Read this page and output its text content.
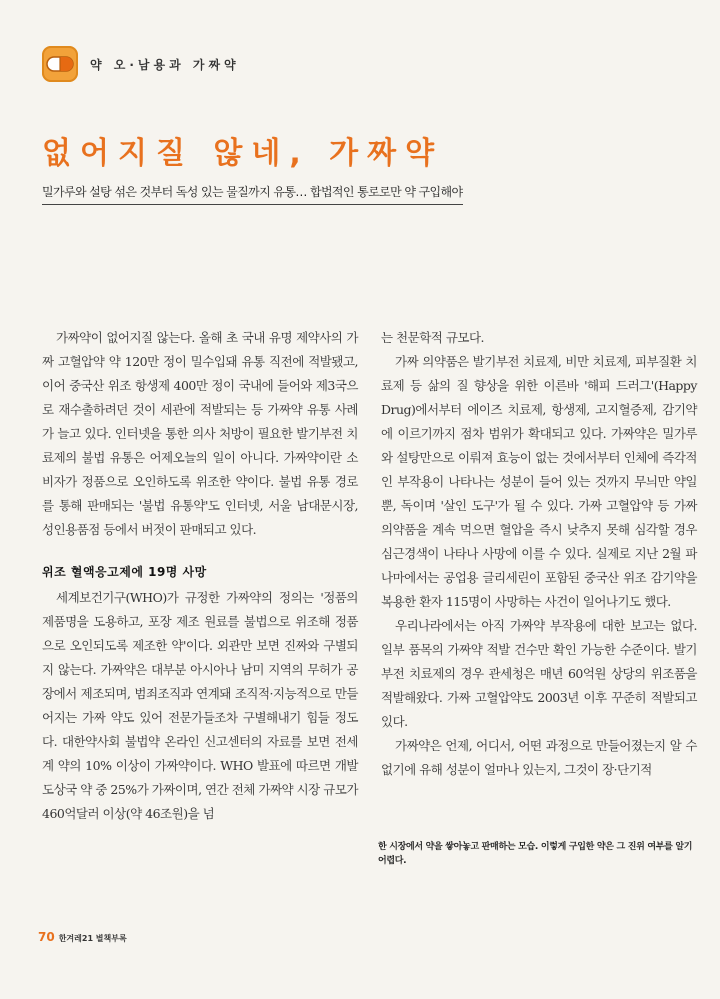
약 오·남용과 가짜약
없어지질 않네, 가짜약
밀가루와 설탕 섞은 것부터 독성 있는 물질까지 유통… 합법적인 통로로만 약 구입해야

가짜약이 없어지질 않는다. 올해 초 국내 유명 제약사의 가짜 고혈압약 약 120만 정이 밀수입돼 유통 직전에 적발됐고, 이어 중국산 위조 항생제 400만 정이 국내에 들어와 제3국으로 재수출하려던 것이 세관에 적발되는 등 가짜약 유통 사례가 늘고 있다. 인터넷을 통한 의사 처방이 필요한 발기부전 치료제의 불법 유통은 어제오늘의 일이 아니다. 가짜약이란 소비자가 정품으로 오인하도록 위조한 약이다. 불법 유통 경로를 통해 판매되는 '불법 유통약'도 인터넷, 서울 남대문시장, 성인용품점 등에서 버젓이 판매되고 있다.

위조 혈액응고제에 19명 사망

세계보건기구(WHO)가 규정한 가짜약의 정의는 '정품의 제품명을 도용하고, 포장 제조 원료를 불법으로 위조해 정품으로 오인되도록 제조한 약'이다. 외관만 보면 진짜와 구별되지 않는다. 가짜약은 대부분 아시아나 남미 지역의 무허가 공장에서 제조되며, 범죄조직과 연계돼 조직적·지능적으로 만들어지는 가짜 약도 있어 전문가들조차 구별해내기 힘들 정도다. 대한약사회 불법약 온라인 신고센터의 자료를 보면 전세계 약의 10% 이상이 가짜약이다. WHO 발표에 따르면 개발도상국 약 중 25%가 가짜이며, 연간 전체 가짜약 시장 규모가 460억달러 이상(약 46조원)을 넘

는 천문학적 규모다.

가짜 의약품은 발기부전 치료제, 비만 치료제, 피부질환 치료제 등 삶의 질 향상을 위한 이른바 '해피 드러그'(Happy Drug)에서부터 에이즈 치료제, 항생제, 고지혈증제, 감기약에 이르기까지 점차 범위가 확대되고 있다. 가짜약은 밀가루와 설탕만으로 이뤄져 효능이 없는 것에서부터 인체에 즉각적인 부작용이 나타나는 성분이 들어 있는 것까지 무늬만 약일 뿐, 독이며 '살인 도구'가 될 수 있다. 가짜 고혈압약 등 가짜 의약품을 계속 먹으면 혈압을 즉시 낮추지 못해 심각할 경우 심근경색이 나타나 사망에 이를 수 있다. 실제로 지난 2월 파나마에서는 공업용 글리세린이 포함된 중국산 위조 감기약을 복용한 환자 115명이 사망하는 사건이 일어나기도 했다.

우리나라에서는 아직 가짜약 부작용에 대한 보고는 없다. 일부 품목의 가짜약 적발 건수만 확인 가능한 수준이다. 발기부전 치료제의 경우 관세청은 매년 60억원 상당의 위조품을 적발해왔다. 가짜 고혈압약도 2003년 이후 꾸준히 적발되고 있다.

가짜약은 언제, 어디서, 어떤 과정으로 만들어졌는지 알 수 없기에 유해 성분이 얼마나 있는지, 그것이 장·단기적

한 시장에서 약을 쌓아놓고 판매하는 모습. 이렇게 구입한 약은 그 진위 여부를 알기 어렵다.
70 한겨레21 별책부록
